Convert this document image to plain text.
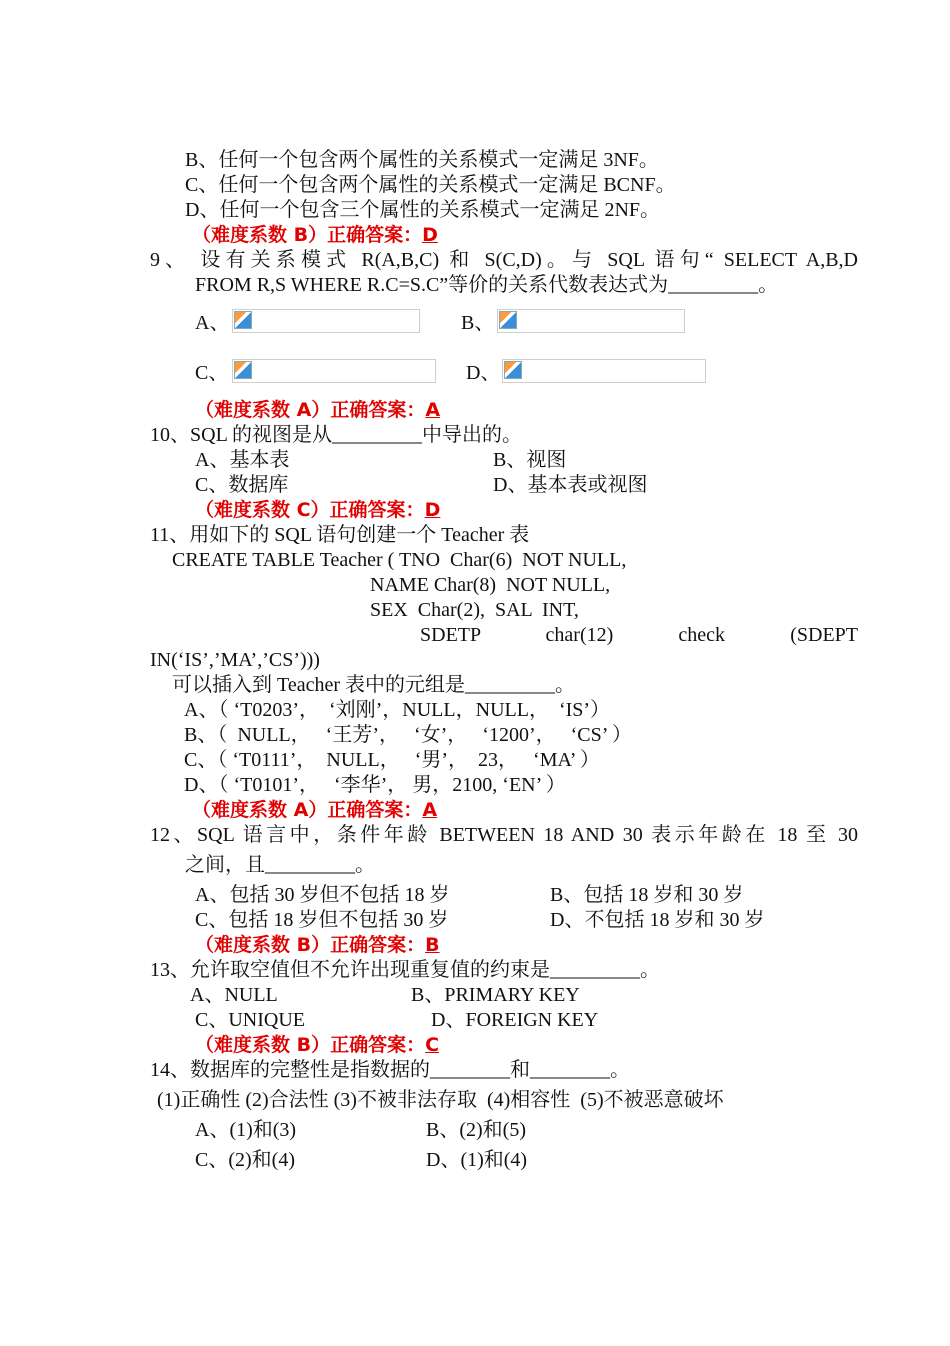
B、任何一个包含两个属性的关系模式一定满足 3NF。
C、任何一个包含两个属性的关系模式一定满足 BCNF。
D、任何一个包含三个属性的关系模式一定满足 2NF。
（难度系数 B）正确答案：D
9、 设有关系模式 R(A,B,C) 和 S(C,D)。与 SQL 语句“ SELECT A,B,D
FROM R,S WHERE R.C=S.C”等价的关系代数表达式为_________。
A、	B、
C、	D、
（难度系数 A）正确答案：A
10、SQL 的视图是从_________中导出的。
A、基本表	B、视图
C、数据库	D、基本表或视图
（难度系数 C）正确答案：D
11、用如下的 SQL 语句创建一个 Teacher 表
CREATE TABLE Teacher ( TNO  Char(6)  NOT NULL,
NAME Char(8)  NOT NULL,
SEX  Char(2),  SAL  INT,
SDETP char(12) check (SDEPT
IN(‘IS’,’MA’,’CS’)))
可以插入到 Teacher 表中的元组是_________。
A、（ ‘T0203’，  ‘刘刚’，NULL，NULL，  ‘IS’）
B、（  NULL，   ‘王芳’，   ‘女’，   ‘1200’，   ‘CS’ ）
C、（ ‘T0111’，  NULL，   ‘男’，  23，   ‘MA’ ）
D、（ ‘T0101’，   ‘李华’， 男，2100, ‘EN’ ）
（难度系数 A）正确答案：A
12、SQL 语言中，条件年龄 BETWEEN 18 AND 30 表示年龄在 18 至 30
之间，且_________。
A、包括 30 岁但不包括 18 岁	B、包括 18 岁和 30 岁
C、包括 18 岁但不包括 30 岁	D、不包括 18 岁和 30 岁
（难度系数 B）正确答案：B
13、允许取空值但不允许出现重复值的约束是_________。
A、NULL	B、PRIMARY KEY
C、UNIQUE	D、FOREIGN KEY
（难度系数 B）正确答案：C
14、数据库的完整性是指数据的________和________。
(1)正确性 (2)合法性 (3)不被非法存取  (4)相容性  (5)不被恶意破坏
A、(1)和(3)	B、(2)和(5)
C、(2)和(4)	D、(1)和(4)
